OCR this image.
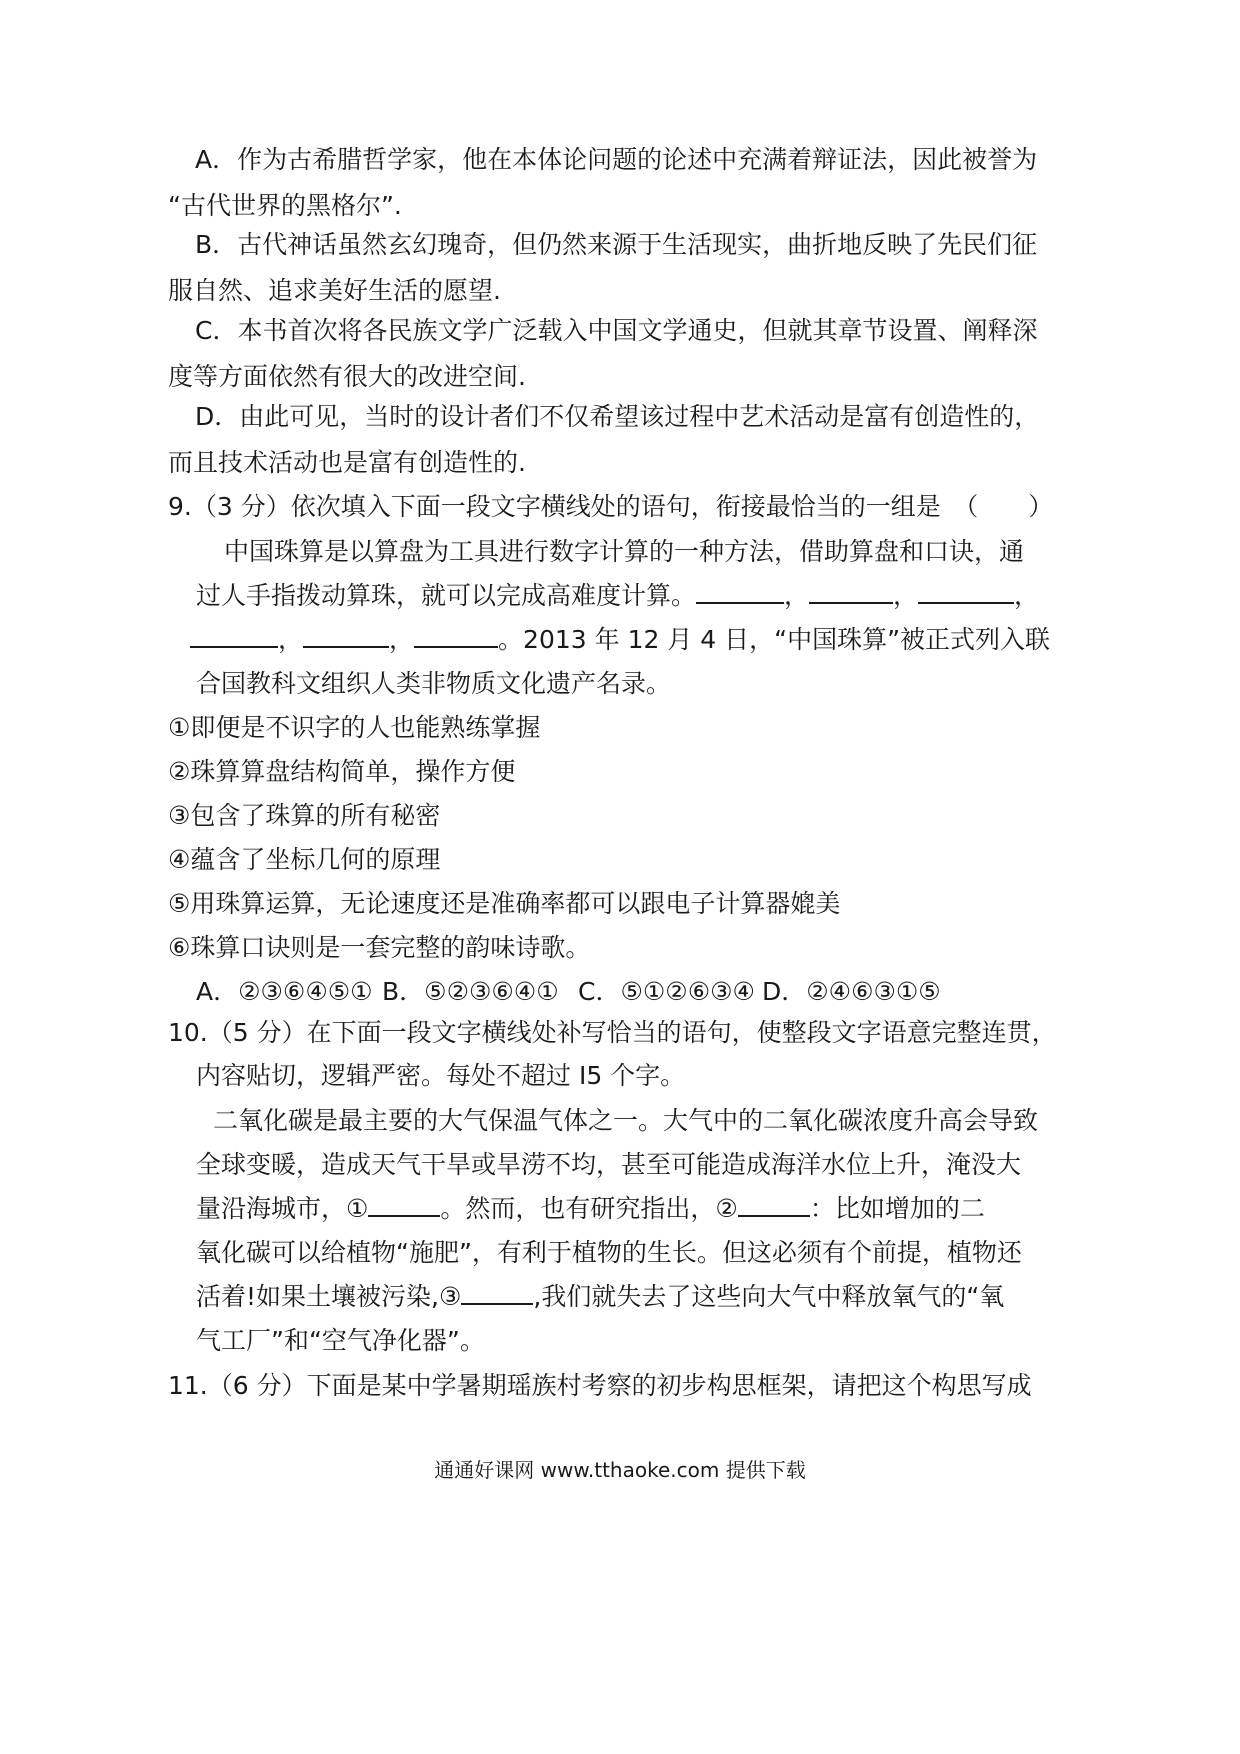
A．作为古希腊哲学家，他在本体论问题的论述中充满着辩证法，因此被誉为
“古代世界的黑格尔”.
B．古代神话虽然玄幻瑰奇，但仍然来源于生活现实，曲折地反映了先民们征
服自然、追求美好生活的愿望.
C．本书首次将各民族文学广泛载入中国文学通史，但就其章节设置、阐释深
度等方面依然有很大的改进空间.
D．由此可见，当时的设计者们不仅希望该过程中艺术活动是富有创造性的，
而且技术活动也是富有创造性的.
9.（3 分）依次填入下面一段文字横线处的语句，衔接最恰当的一组是　（　　）
中国珠算是以算盘为工具进行数字计算的一种方法，借助算盘和口诀，通
过人手指拨动算珠，就可以完成高难度计算。	，	，	，
，	，	。2013 年 12 月 4 日，“中国珠算”被正式列入联
合国教科文组织人类非物质文化遗产名录。
①即便是不识字的人也能熟练掌握
②珠算算盘结构简单，操作方便
③包含了珠算的所有秘密
④蕴含了坐标几何的原理
⑤用珠算运算，无论速度还是准确率都可以跟电子计算器媲美
⑥珠算口诀则是一套完整的韵味诗歌。
A．②③⑥④⑤① B．⑤②③⑥④① C．⑤①②⑥③④ D．②④⑥③①⑤
10.（5 分）在下面一段文字横线处补写恰当的语句，使整段文字语意完整连贯，
内容贴切，逻辑严密。每处不超过 I5 个字。
二氧化碳是最主要的大气保温气体之一。大气中的二氧化碳浓度升高会导致
全球变暖，造成天气干旱或旱涝不均，甚至可能造成海洋水位上升，淹没大
量沿海城市，①	。然而，也有研究指出，②	：比如增加的二
氧化碳可以给植物“施肥”，有利于植物的生长。但这必须有个前提，植物还
活着!如果土壤被污染,③	,我们就失去了这些向大气中释放氧气的“氧
气工厂”和“空气净化器”。
11.（6 分）下面是某中学暑期瑶族村考察的初步构思框架，请把这个构思写成
通通好课网 www.tthaoke.com 提供下载
